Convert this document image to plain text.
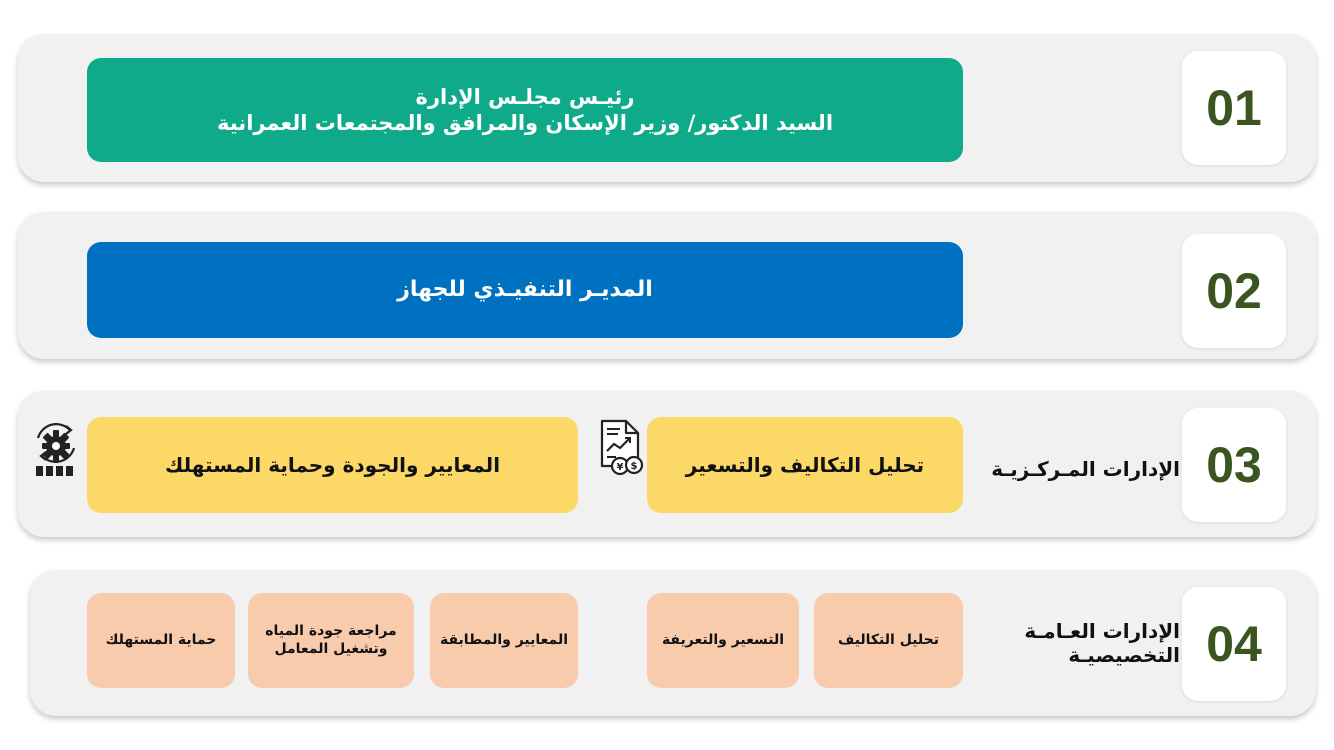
01
رئيـس مجلـس الإدارة
السيد الدكتور/ وزير الإسكان والمرافق والمجتمعات العمرانية
02
المديـر التنفيـذي للجهاز
03
الإدارات المـركـزيـة
تحليل التكاليف والتسعير
المعايير والجودة وحماية المستهلك	¥ $
04
الإدارات العـامـة
التخصيصيـة
تحليل التكاليف
التسعير والتعريفة
المعايير والمطابقة
مراجعة جودة المياه
وتشغيل المعامل
حماية المستهلك
